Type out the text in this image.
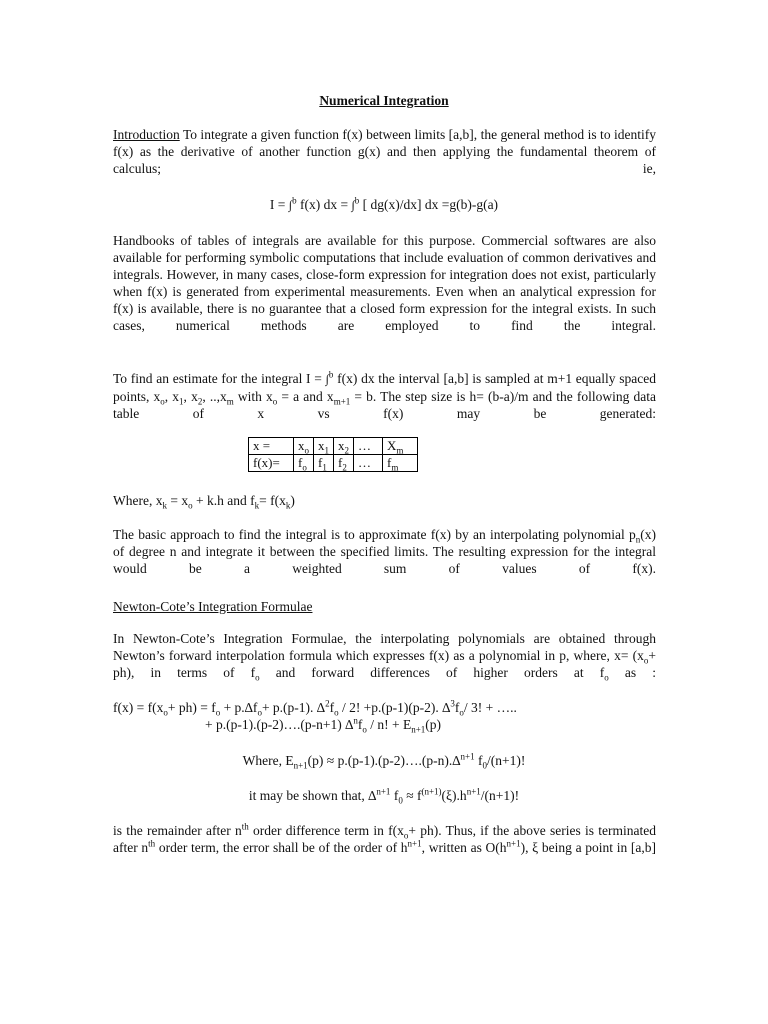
Numerical Integration
Introduction To integrate a given function f(x) between limits [a,b], the general method is to identify f(x) as the derivative of another function g(x) and then applying the fundamental theorem of calculus; ie,
I = ∫$^b$ f(x) dx = ∫$^b$ [ dg(x)/dx] dx =g(b)-g(a)
Handbooks of tables of integrals are available for this purpose. Commercial softwares are also available for performing symbolic computations that include evaluation of common derivatives and integrals. However, in many cases, close-form expression for integration does not exist, particularly when f(x) is generated from experimental measurements. Even when an analytical expression for f(x) is available, there is no guarantee that a closed form expression for the integral exists. In such cases, numerical methods are employed to find the integral.
To find an estimate for the integral I = ∫$^b$ f(x) dx the interval [a,b] is sampled at m+1 equally spaced points, $x_o$, $x_1$, $x_2$, $..,x_m$ with $x_o = a$ and $x_{m+1} = b$. The step size is h= (b-a)/m and the following data table of x vs f(x) may be generated:
x =	$x_o$	$x_1$	$x_2$	…	$X_m$
f(x)=	$f_o$	$f_1$	$f_2$	…	$f_m$
Where, $x_k = x_o + k.h$ and $f_k= f(x_k)$
The basic approach to find the integral is to approximate f(x) by an interpolating polynomial $p_n(x)$ of degree n and integrate it between the specified limits. The resulting expression for the integral would be a weighted sum of values of f(x).
Newton-Cote’s Integration Formulae
In Newton-Cote’s Integration Formulae, the interpolating polynomials are obtained through Newton’s forward interpolation formula which expresses f(x) as a polynomial in p, where, $x= (x_o+ ph)$, in terms of $f_o$ and forward differences of higher orders at $f_o$ as :
$f(x) = f(x_o+ ph) = f_o + p.\Delta f_o+ p.(p-1)$. $\Delta^2f_o / 2$! +p.(p-1)(p-2). $\Delta^3f_o/$ 3! + …..
+ p.(p-1).(p-2)….(p-n+1) $\Delta^nf_o$ / n! + $E_{n+1}(p)$
Where, $E_{n+1}(p)$ ≈ p.(p-1).(p-2)….(p-n).∆$^{n+1}$ $f_0/(n+1)$!
it may be shown that, ∆$^{n+1}$ $f_0 \approx f^{(n+1)}(\xi).h^{n+1}/(n+1)$!
is the remainder after $n^{th}$ order difference term in $f(x_o+ ph)$. Thus, if the above series is terminated after $n^{th}$ order term, the error shall be of the order of $h^{n+1}$, written as $O(h^{n+1})$, ξ being a point in [a,b]
